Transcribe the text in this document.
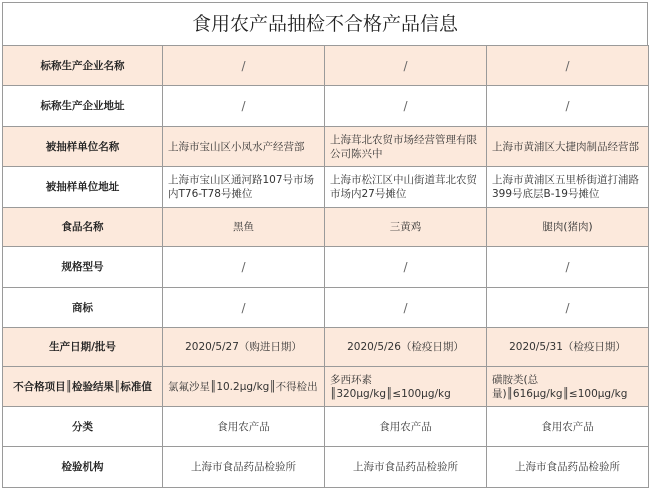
食用农产品抽检不合格产品信息
标称生产企业名称	/	/	/
标称生产企业地址	/	/	/
被抽样单位名称	上海市宝山区小凤水产经营部	上海茸北农贸市场经营管理有限公司陈兴中	上海市黄浦区大捷肉制品经营部
被抽样单位地址	上海市宝山区通河路107号市场内T76-T78号摊位	上海市松江区中山街道茸北农贸市场内27号摊位	上海市黄浦区五里桥街道打浦路399号底层B-19号摊位
食品名称	黑鱼	三黄鸡	腿肉(猪肉)
规格型号	/	/	/
商标	/	/	/
生产日期/批号	2020/5/27（购进日期）	2020/5/26（检疫日期）	2020/5/31（检疫日期）
不合格项目║检验结果║标准值	氯氟沙星║10.2μg/kg║不得检出	多西环素║320μg/kg║≤100μg/kg	磺胺类(总量)║616μg/kg║≤100μg/kg
分类	食用农产品	食用农产品	食用农产品
检验机构	上海市食品药品检验所	上海市食品药品检验所	上海市食品药品检验所
